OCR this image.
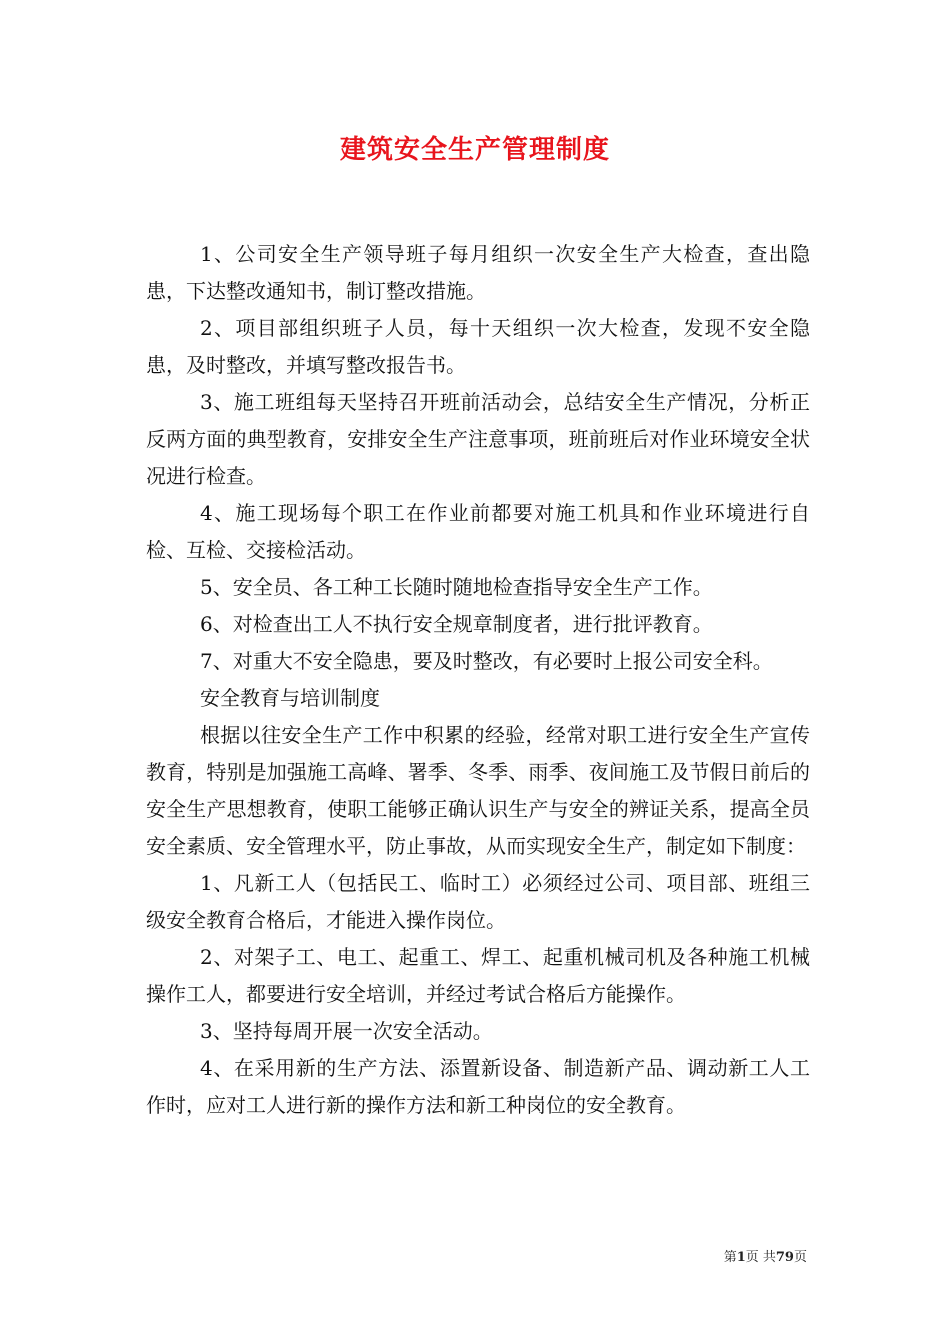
建筑安全生产管理制度

1、公司安全生产领导班子每月组织一次安全生产大检查，查出隐患，下达整改通知书，制订整改措施。

2、项目部组织班子人员，每十天组织一次大检查，发现不安全隐患，及时整改，并填写整改报告书。

3、施工班组每天坚持召开班前活动会，总结安全生产情况，分析正反两方面的典型教育，安排安全生产注意事项，班前班后对作业环境安全状况进行检查。

4、施工现场每个职工在作业前都要对施工机具和作业环境进行自检、互检、交接检活动。

5、安全员、各工种工长随时随地检查指导安全生产工作。

6、对检查出工人不执行安全规章制度者，进行批评教育。

7、对重大不安全隐患，要及时整改，有必要时上报公司安全科。

安全教育与培训制度

根据以往安全生产工作中积累的经验，经常对职工进行安全生产宣传教育，特别是加强施工高峰、署季、冬季、雨季、夜间施工及节假日前后的安全生产思想教育，使职工能够正确认识生产与安全的辨证关系，提高全员安全素质、安全管理水平，防止事故，从而实现安全生产，制定如下制度：

1、凡新工人（包括民工、临时工）必须经过公司、项目部、班组三级安全教育合格后，才能进入操作岗位。

2、对架子工、电工、起重工、焊工、起重机械司机及各种施工机械操作工人，都要进行安全培训，并经过考试合格后方能操作。

3、坚持每周开展一次安全活动。

4、在采用新的生产方法、添置新设备、制造新产品、调动新工人工作时，应对工人进行新的操作方法和新工种岗位的安全教育。

第1页 共79页
